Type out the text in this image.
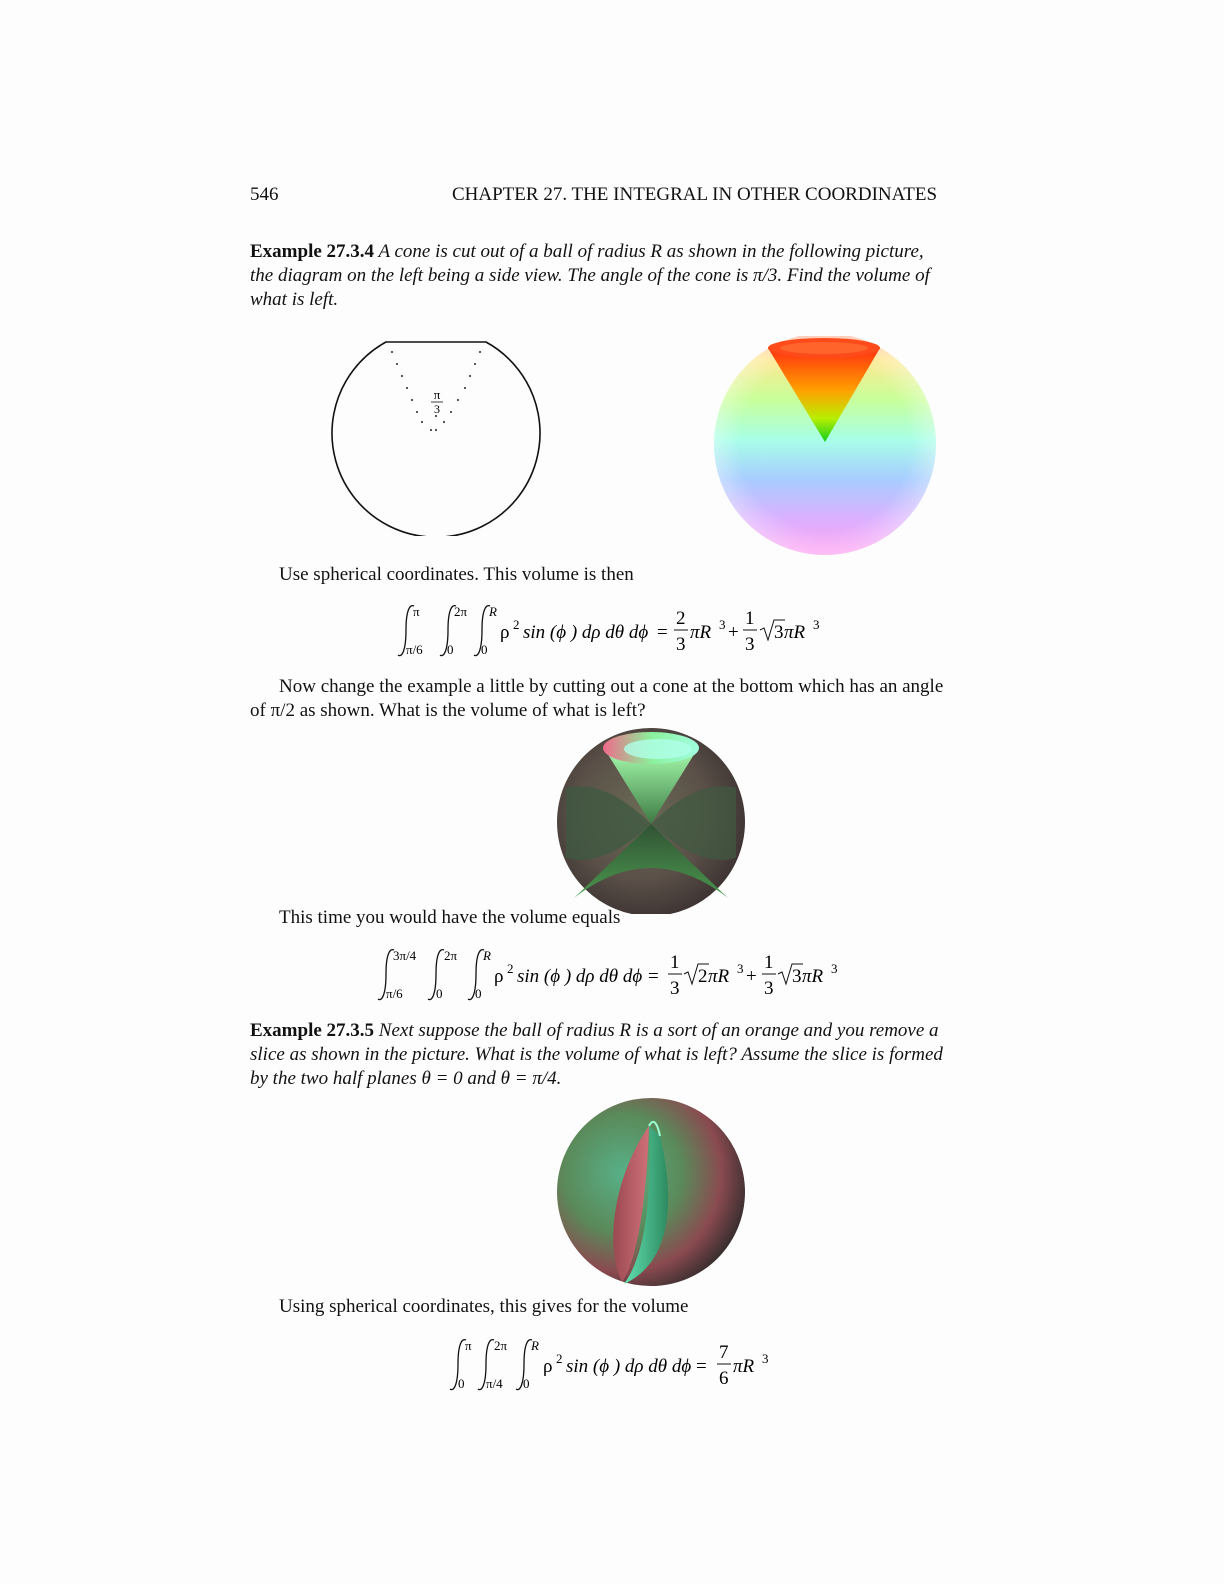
546	CHAPTER 27. THE INTEGRAL IN OTHER COORDINATES
Example 27.3.4 A cone is cut out of a ball of radius R as shown in the following picture,
the diagram on the left being a side view. The angle of the cone is π/3. Find the volume of
what is left.
π
3
Use spherical coordinates. This volume is then
π
π/6
2π
0
R
0
ρ 2 sin (ϕ ) dρ dθ dϕ =
2
3
πR 3 +
1
3
3 πR 3
Now change the example a little by cutting out a cone at the bottom which has an angle
of π/2 as shown. What is the volume of what is left?
This time you would have the volume equals
3π/4
π/6
2π
0
R
0
ρ 2 sin (ϕ ) dρ dθ dϕ =
1
3
2 πR 3 +
1
3
3 πR 3
Example 27.3.5 Next suppose the ball of radius R is a sort of an orange and you remove a
slice as shown in the picture. What is the volume of what is left? Assume the slice is formed
by the two half planes θ = 0 and θ = π/4.
Using spherical coordinates, this gives for the volume
π
0
2π
π/4
R
0
ρ 2 sin (ϕ ) dρ dθ dϕ =
7
6
πR 3
